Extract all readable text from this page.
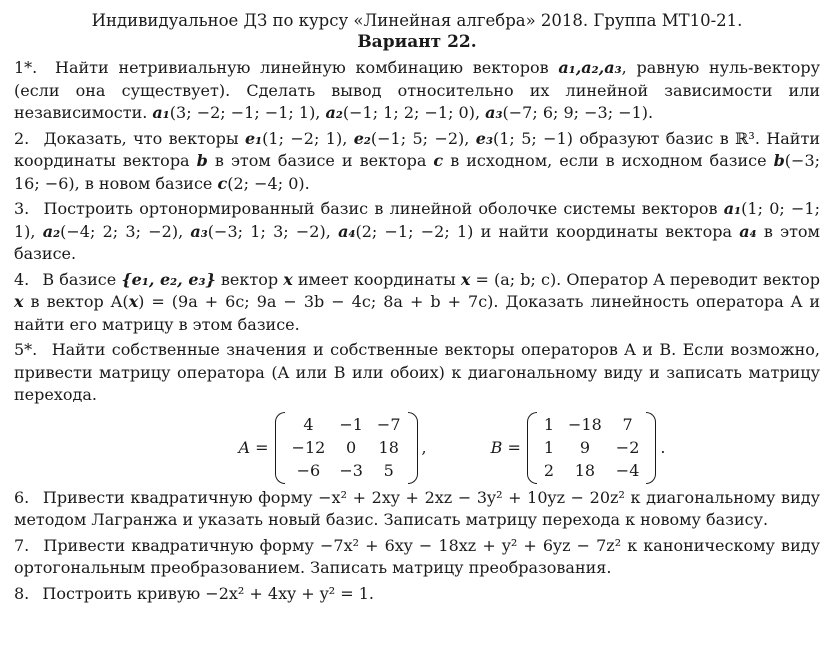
Индивидуальное ДЗ по курсу «Линейная алгебра» 2018. Группа МТ10-21.
Вариант 22.

1*. Найти нетривиальную линейную комбинацию векторов a₁,a₂,a₃, равную нуль-вектору (если она существует). Сделать вывод относительно их линейной зависимости или независимости. a₁(3; −2; −1; −1; 1), a₂(−1; 1; 2; −1; 0), a₃(−7; 6; 9; −3; −1).

2. Доказать, что векторы e₁(1; −2; 1), e₂(−1; 5; −2), e₃(1; 5; −1) образуют базис в ℝ³. Найти координаты вектора b в этом базисе и вектора c в исходном, если в исходном базисе b(−3; 16; −6), в новом базисе c(2; −4; 0).

3. Построить ортонормированный базис в линейной оболочке системы векторов a₁(1; 0; −1; 1), a₂(−4; 2; 3; −2), a₃(−3; 1; 3; −2), a₄(2; −1; −2; 1) и найти координаты вектора a₄ в этом базисе.

4. В базисе {e₁, e₂, e₃} вектор x имеет координаты x = (a; b; c). Оператор A переводит вектор x в вектор A(x) = (9a + 6c; 9a − 3b − 4c; 8a + b + 7c). Доказать линейность оператора A и найти его матрицу в этом базисе.

5*. Найти собственные значения и собственные векторы операторов A и B. Если возможно, привести матрицу оператора (A или B или обоих) к диагональному виду и записать матрицу перехода.

A =
4	−1	−7
−12	0	18
−6	−3	5
,	B =
1	−18	7
1	9	−2
2	18	−4
.

6. Привести квадратичную форму −x² + 2xy + 2xz − 3y² + 10yz − 20z² к диагональному виду методом Лагранжа и указать новый базис. Записать матрицу перехода к новому базису.

7. Привести квадратичную форму −7x² + 6xy − 18xz + y² + 6yz − 7z² к каноническому виду ортогональным преобразованием. Записать матрицу преобразования.

8. Построить кривую −2x² + 4xy + y² = 1.
